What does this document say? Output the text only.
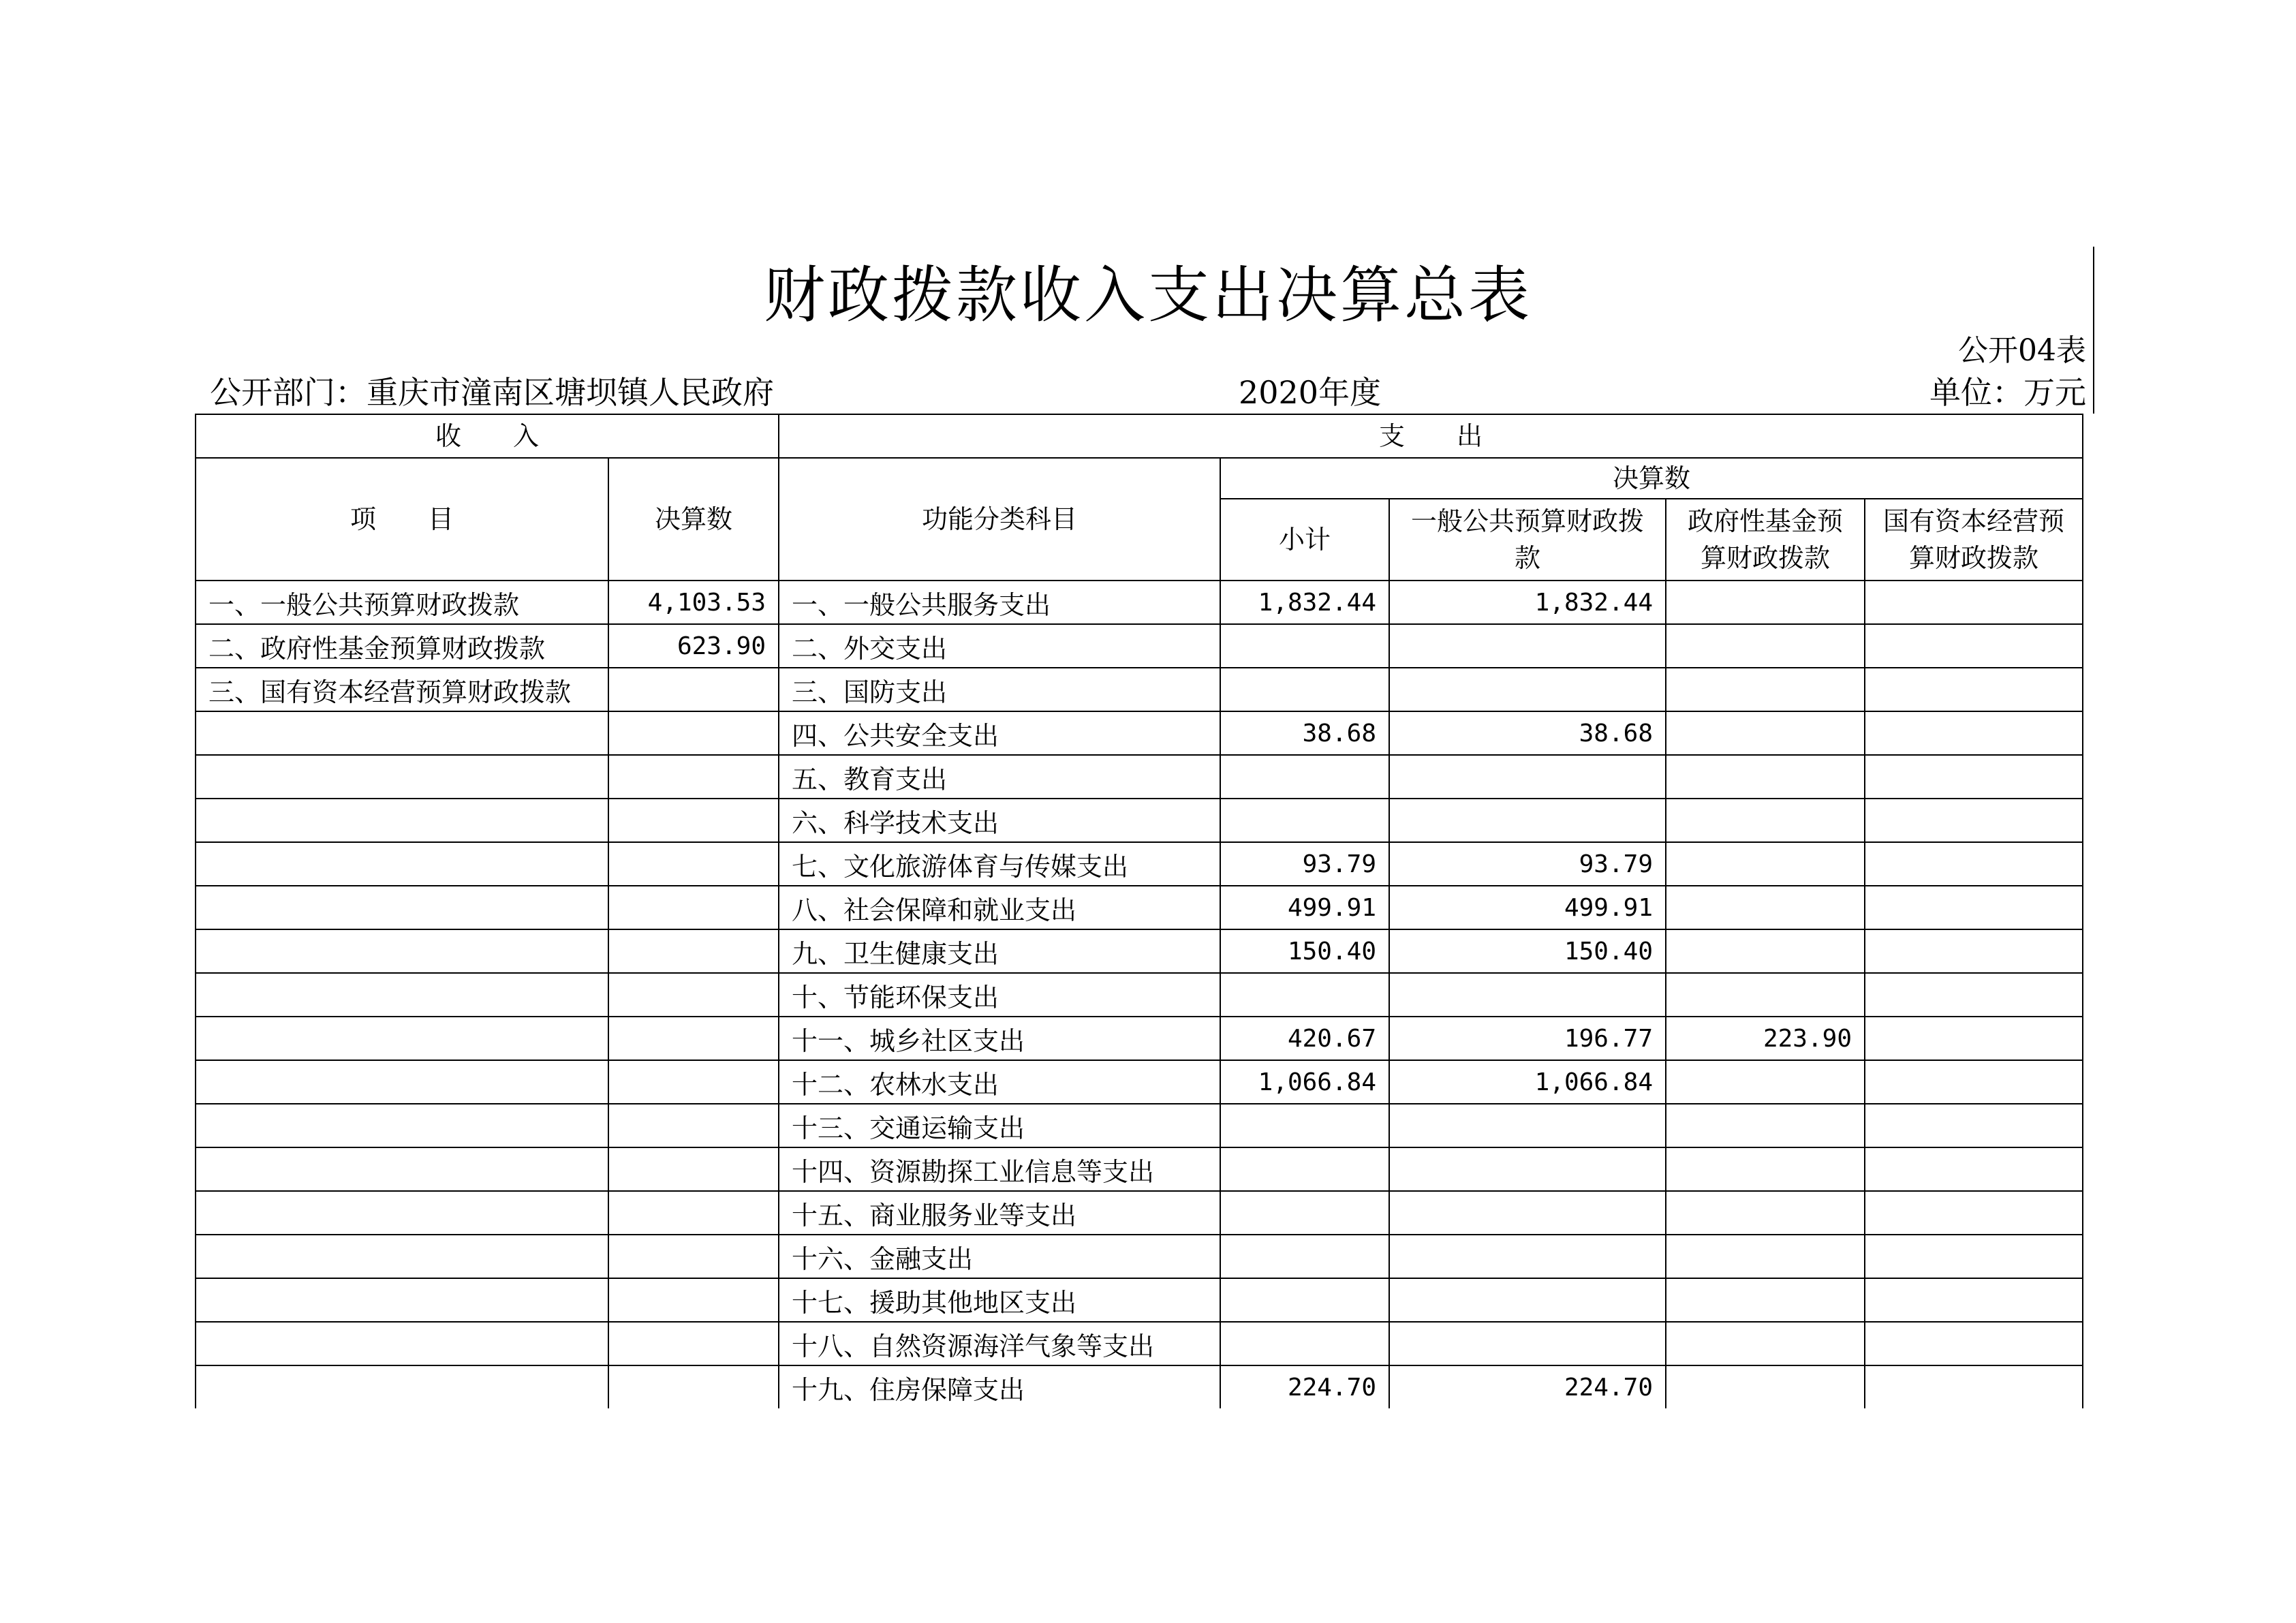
财政拨款收入支出决算总表
公开04表
公开部门：重庆市潼南区塘坝镇人民政府	2020年度	单位：万元
收　　入		支　　出				
项　　目	决算数	功能分类科目	决算数			
			小计	一般公共预算财政拨款	政府性基金预算财政拨款	国有资本经营预算财政拨款
一、一般公共预算财政拨款	4,103.53	一、一般公共服务支出	1,832.44	1,832.44		
二、政府性基金预算财政拨款	623.90	二、外交支出				
三、国有资本经营预算财政拨款		三、国防支出				
		四、公共安全支出	38.68	38.68		
		五、教育支出				
		六、科学技术支出				
		七、文化旅游体育与传媒支出	93.79	93.79		
		八、社会保障和就业支出	499.91	499.91		
		九、卫生健康支出	150.40	150.40		
		十、节能环保支出				
		十一、城乡社区支出	420.67	196.77	223.90	
		十二、农林水支出	1,066.84	1,066.84		
		十三、交通运输支出				
		十四、资源勘探工业信息等支出				
		十五、商业服务业等支出				
		十六、金融支出				
		十七、援助其他地区支出				
		十八、自然资源海洋气象等支出				
		十九、住房保障支出	224.70	224.70		
